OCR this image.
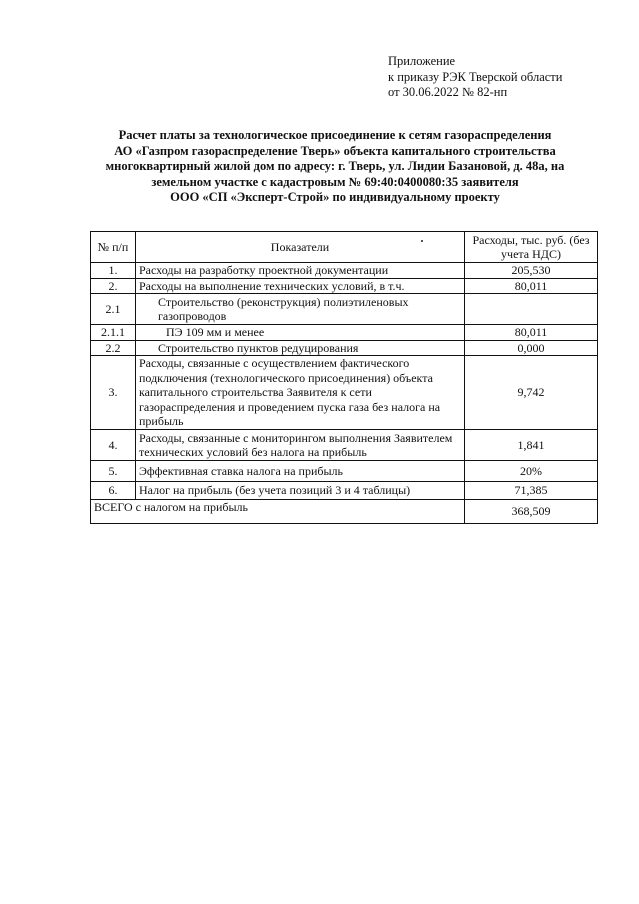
Приложение
к приказу РЭК Тверской области
от 30.06.2022 № 82-нп
Расчет платы за технологическое присоединение к сетям газораспределения
АО «Газпром газораспределение Тверь» объекта капитального строительства
многоквартирный жилой дом по адресу: г. Тверь, ул. Лидии Базановой, д. 48а, на
земельном участке с кадастровым № 69:40:0400080:35 заявителя
ООО «СП «Эксперт-Строй» по индивидуальному проекту
№ п/п	Показатели	Расходы, тыс. руб. (без учета НДС)
1.	Расходы на разработку проектной документации	205,530
2.	Расходы на выполнение технических условий, в т.ч.	80,011
2.1	Строительство (реконструкция) полиэтиленовых газопроводов	
2.1.1	ПЭ 109 мм и менее	80,011
2.2	Строительство пунктов редуцирования	0,000
3.	Расходы, связанные с осуществлением фактического подключения (технологического присоединения) объекта капитального строительства Заявителя к сети газораспределения и проведением пуска газа без налога на прибыль	9,742
4.	Расходы, связанные с мониторингом выполнения Заявителем технических условий без налога на прибыль	1,841
5.	Эффективная ставка налога на прибыль	20%
6.	Налог на прибыль (без учета позиций 3 и 4 таблицы)	71,385
ВСЕГО с налогом на прибыль		368,509
